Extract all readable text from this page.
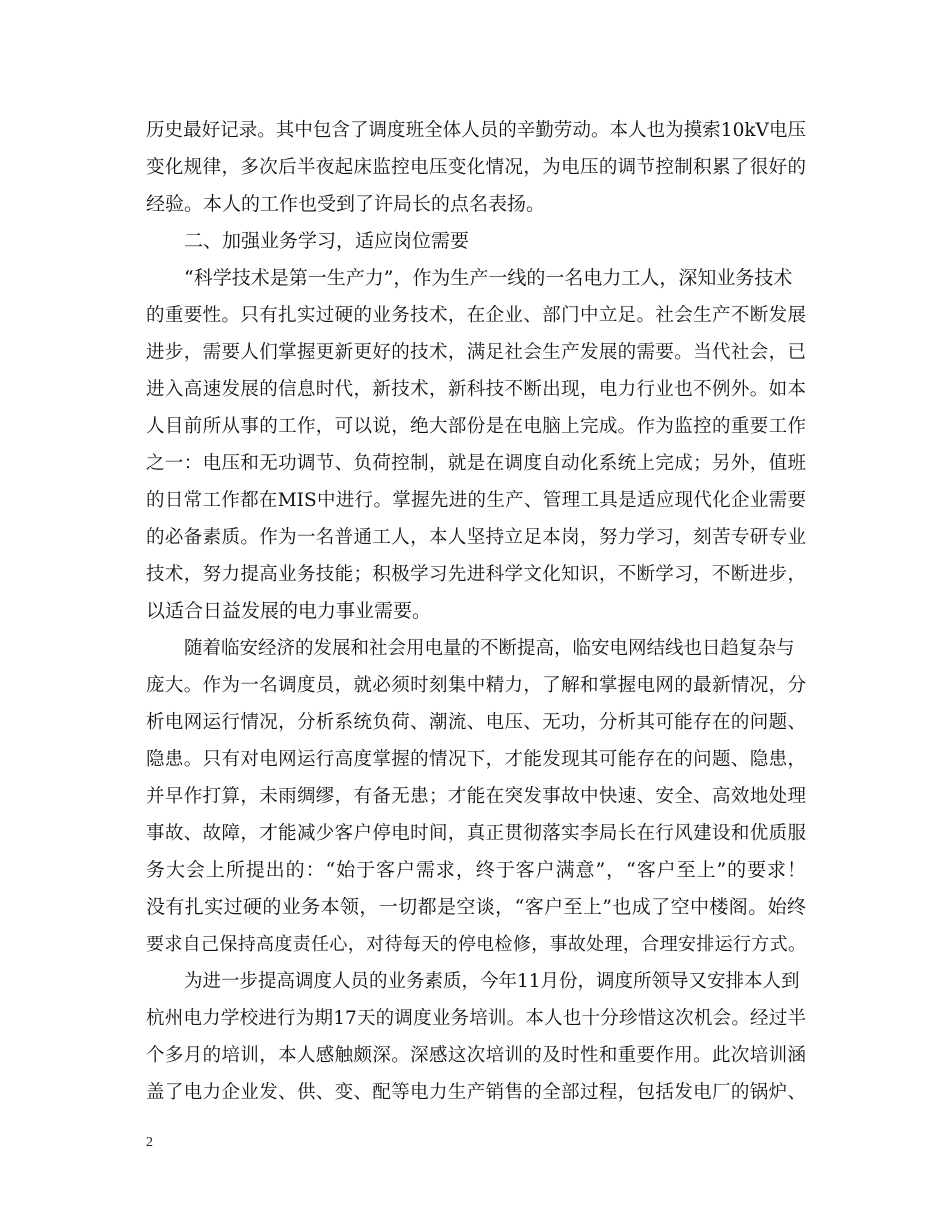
历史最好记录。其中包含了调度班全体人员的辛勤劳动。本人也为摸索10kV电压
变化规律，多次后半夜起床监控电压变化情况，为电压的调节控制积累了很好的
经验。本人的工作也受到了许局长的点名表扬。
二、加强业务学习，适应岗位需要
“科学技术是第一生产力”，作为生产一线的一名电力工人，深知业务技术
的重要性。只有扎实过硬的业务技术，在企业、部门中立足。社会生产不断发展
进步，需要人们掌握更新更好的技术，满足社会生产发展的需要。当代社会，已
进入高速发展的信息时代，新技术，新科技不断出现，电力行业也不例外。如本
人目前所从事的工作，可以说，绝大部份是在电脑上完成。作为监控的重要工作
之一：电压和无功调节、负荷控制，就是在调度自动化系统上完成；另外，值班
的日常工作都在MIS中进行。掌握先进的生产、管理工具是适应现代化企业需要
的必备素质。作为一名普通工人，本人坚持立足本岗，努力学习，刻苦专研专业
技术，努力提高业务技能；积极学习先进科学文化知识，不断学习，不断进步，
以适合日益发展的电力事业需要。
随着临安经济的发展和社会用电量的不断提高，临安电网结线也日趋复杂与
庞大。作为一名调度员，就必须时刻集中精力，了解和掌握电网的最新情况，分
析电网运行情况，分析系统负荷、潮流、电压、无功，分析其可能存在的问题、
隐患。只有对电网运行高度掌握的情况下，才能发现其可能存在的问题、隐患，
并早作打算，未雨绸缪，有备无患；才能在突发事故中快速、安全、高效地处理
事故、故障，才能减少客户停电时间，真正贯彻落实李局长在行风建设和优质服
务大会上所提出的：“始于客户需求，终于客户满意”，“客户至上”的要求！
没有扎实过硬的业务本领，一切都是空谈，“客户至上”也成了空中楼阁。始终
要求自己保持高度责任心，对待每天的停电检修，事故处理，合理安排运行方式。
为进一步提高调度人员的业务素质，今年11月份，调度所领导又安排本人到
杭州电力学校进行为期17天的调度业务培训。本人也十分珍惜这次机会。经过半
个多月的培训，本人感触颇深。深感这次培训的及时性和重要作用。此次培训涵
盖了电力企业发、供、变、配等电力生产销售的全部过程，包括发电厂的锅炉、
2
